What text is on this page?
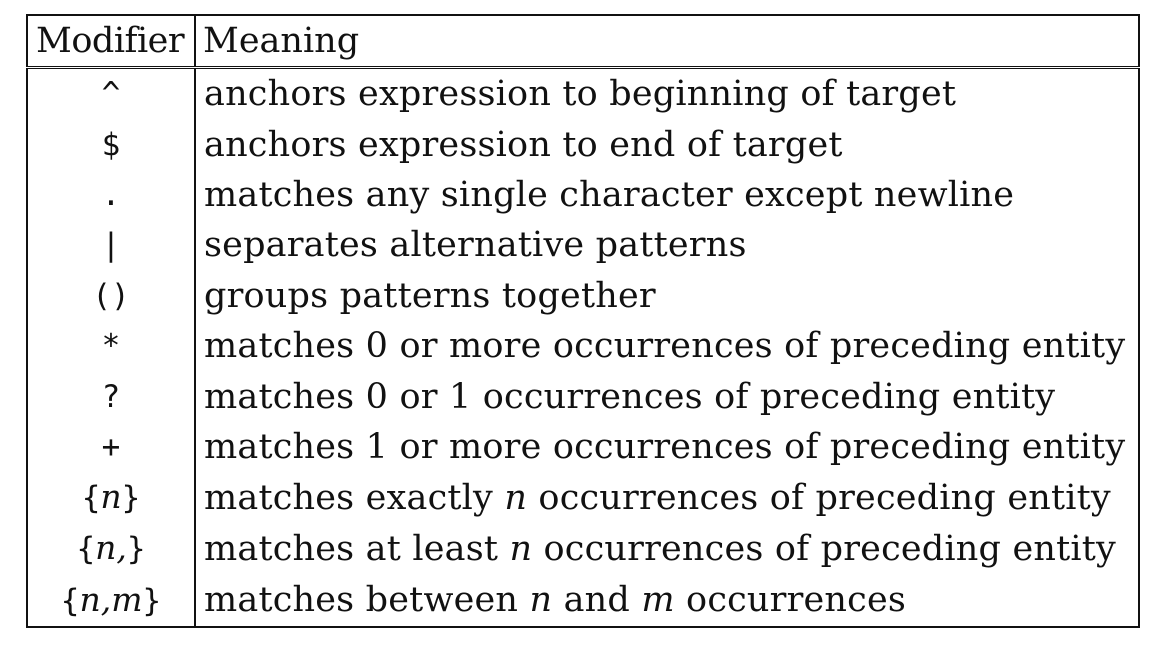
Modifier	Meaning
^	anchors expression to beginning of target
$	anchors expression to end of target
.	matches any single character except newline
|	separates alternative patterns
()	groups patterns together
*	matches 0 or more occurrences of preceding entity
?	matches 0 or 1 occurrences of preceding entity
+	matches 1 or more occurrences of preceding entity
{n}	matches exactly n occurrences of preceding entity
{n,}	matches at least n occurrences of preceding entity
{n,m}	matches between n and m occurrences
